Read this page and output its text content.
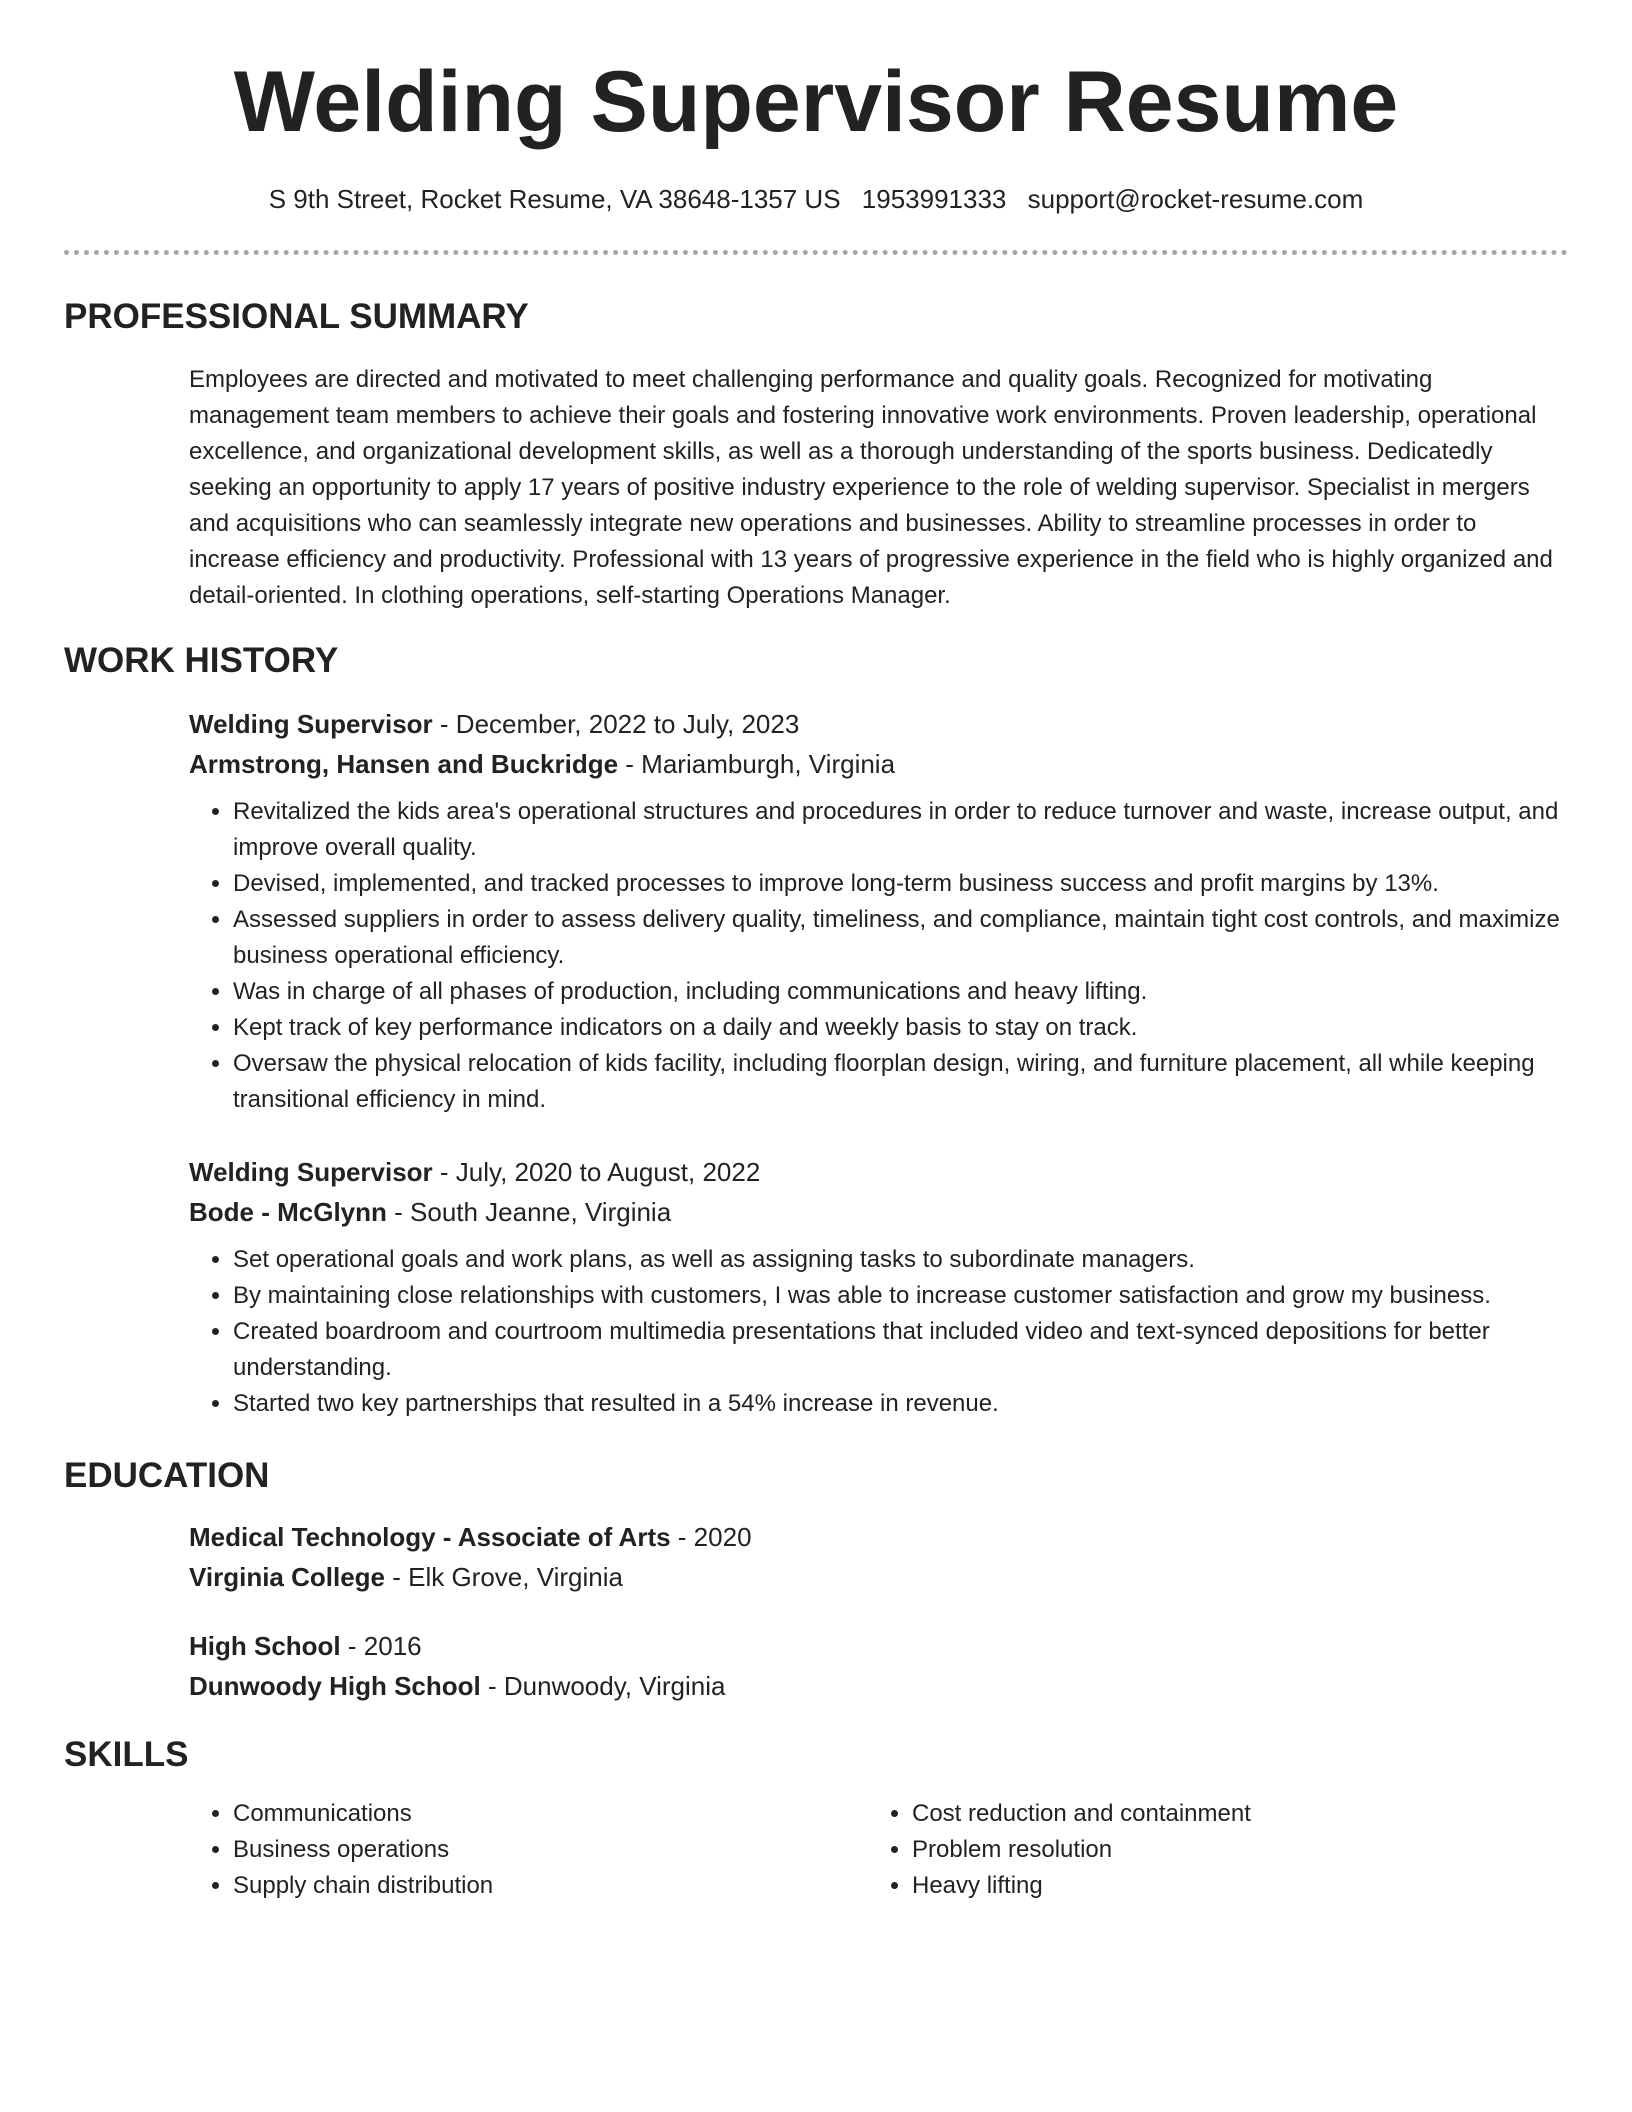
Welding Supervisor Resume
S 9th Street, Rocket Resume, VA 38648-1357 US 1953991333 support@rocket-resume.com
PROFESSIONAL SUMMARY

Employees are directed and motivated to meet challenging performance and quality goals. Recognized for motivating management team members to achieve their goals and fostering innovative work environments. Proven leadership, operational excellence, and organizational development skills, as well as a thorough understanding of the sports business. Dedicatedly seeking an opportunity to apply 17 years of positive industry experience to the role of welding supervisor. Specialist in mergers and acquisitions who can seamlessly integrate new operations and businesses. Ability to streamline processes in order to increase efficiency and productivity. Professional with 13 years of progressive experience in the field who is highly organized and detail-oriented. In clothing operations, self-starting Operations Manager.

WORK HISTORY

Welding Supervisor - December, 2022 to July, 2023

Armstrong, Hansen and Buckridge - Mariamburgh, Virginia

• Revitalized the kids area's operational structures and procedures in order to reduce turnover and waste, increase output, and improve overall quality.
• Devised, implemented, and tracked processes to improve long-term business success and profit margins by 13%.
• Assessed suppliers in order to assess delivery quality, timeliness, and compliance, maintain tight cost controls, and maximize business operational efficiency.
• Was in charge of all phases of production, including communications and heavy lifting.
• Kept track of key performance indicators on a daily and weekly basis to stay on track.
• Oversaw the physical relocation of kids facility, including floorplan design, wiring, and furniture placement, all while keeping transitional efficiency in mind.

Welding Supervisor - July, 2020 to August, 2022

Bode - McGlynn - South Jeanne, Virginia

• Set operational goals and work plans, as well as assigning tasks to subordinate managers.
• By maintaining close relationships with customers, I was able to increase customer satisfaction and grow my business.
• Created boardroom and courtroom multimedia presentations that included video and text-synced depositions for better understanding.
• Started two key partnerships that resulted in a 54% increase in revenue.
EDUCATION

Medical Technology - Associate of Arts - 2020

Virginia College - Elk Grove, Virginia

High School - 2016

Dunwoody High School - Dunwoody, Virginia

SKILLS
• Communications
• Business operations
• Supply chain distribution
• Cost reduction and containment
• Problem resolution
• Heavy lifting
